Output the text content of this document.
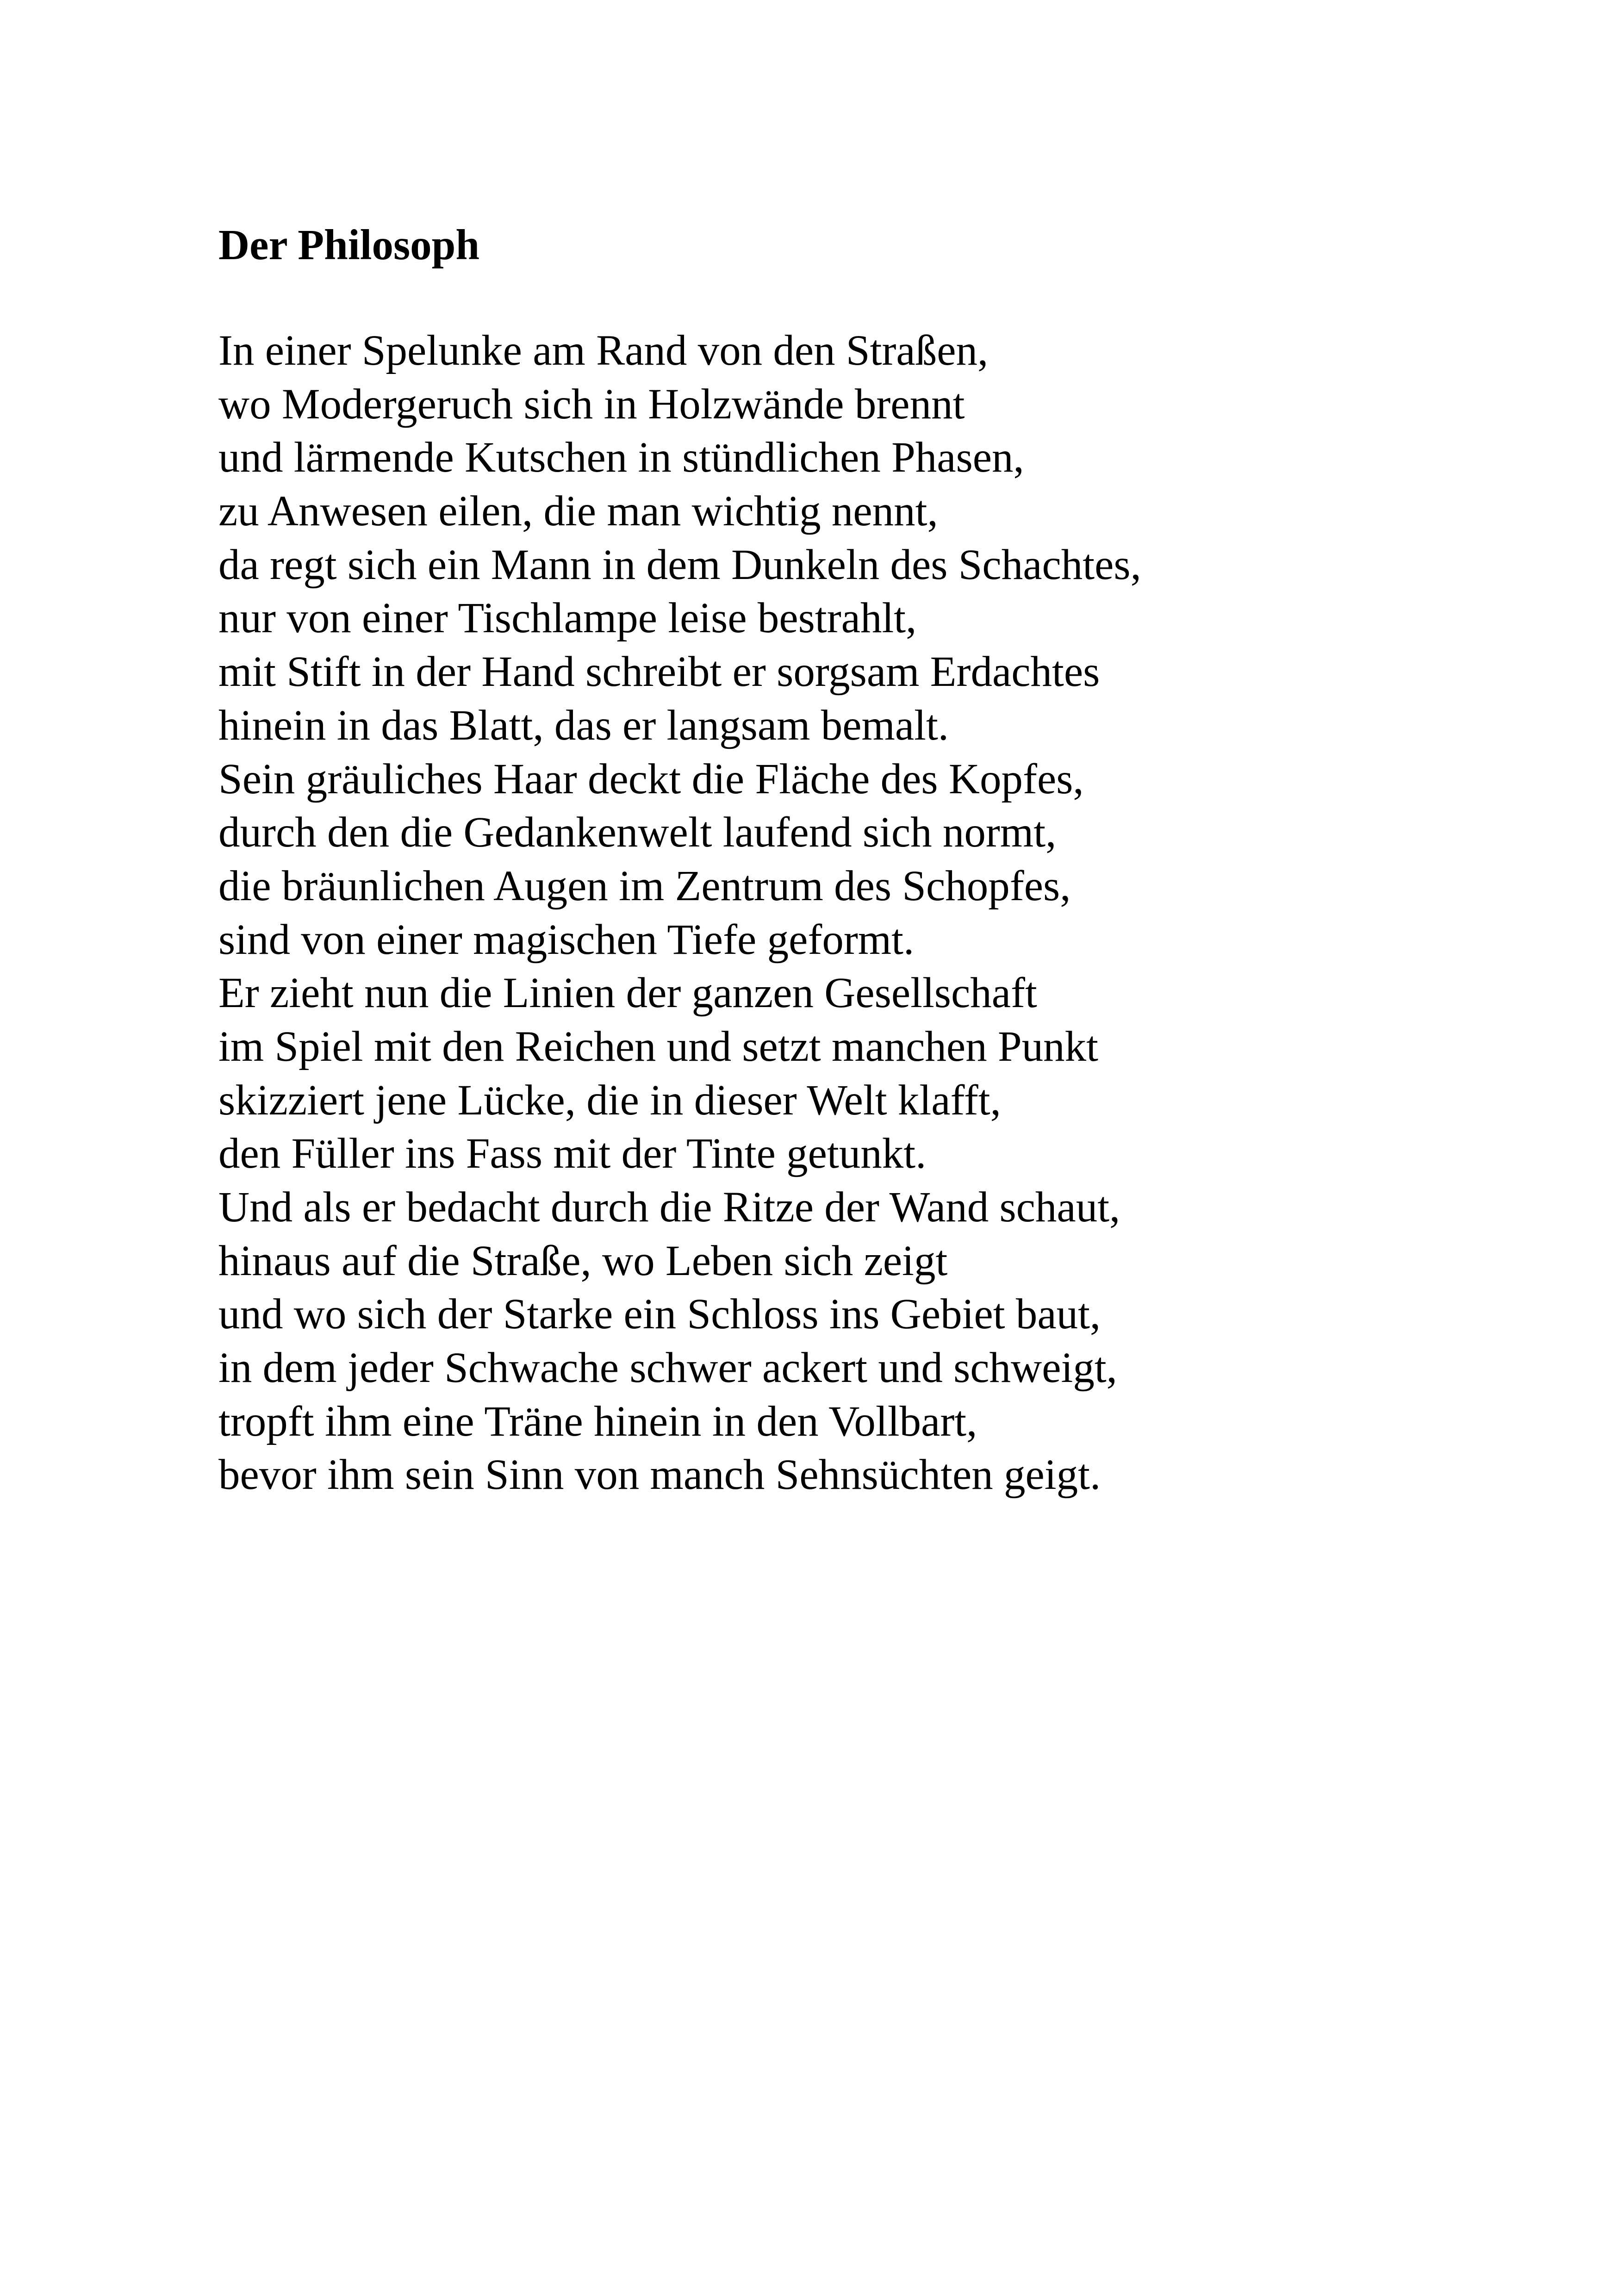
Der Philosoph
In einer Spelunke am Rand von den Straßen,
wo Modergeruch sich in Holzwände brennt
und lärmende Kutschen in stündlichen Phasen,
zu Anwesen eilen, die man wichtig nennt,
da regt sich ein Mann in dem Dunkeln des Schachtes,
nur von einer Tischlampe leise bestrahlt,
mit Stift in der Hand schreibt er sorgsam Erdachtes
hinein in das Blatt, das er langsam bemalt.
Sein gräuliches Haar deckt die Fläche des Kopfes,
durch den die Gedankenwelt laufend sich normt,
die bräunlichen Augen im Zentrum des Schopfes,
sind von einer magischen Tiefe geformt.
Er zieht nun die Linien der ganzen Gesellschaft
im Spiel mit den Reichen und setzt manchen Punkt
skizziert jene Lücke, die in dieser Welt klafft,
den Füller ins Fass mit der Tinte getunkt.
Und als er bedacht durch die Ritze der Wand schaut,
hinaus auf die Straße, wo Leben sich zeigt
und wo sich der Starke ein Schloss ins Gebiet baut,
in dem jeder Schwache schwer ackert und schweigt,
tropft ihm eine Träne hinein in den Vollbart,
bevor ihm sein Sinn von manch Sehnsüchten geigt.
